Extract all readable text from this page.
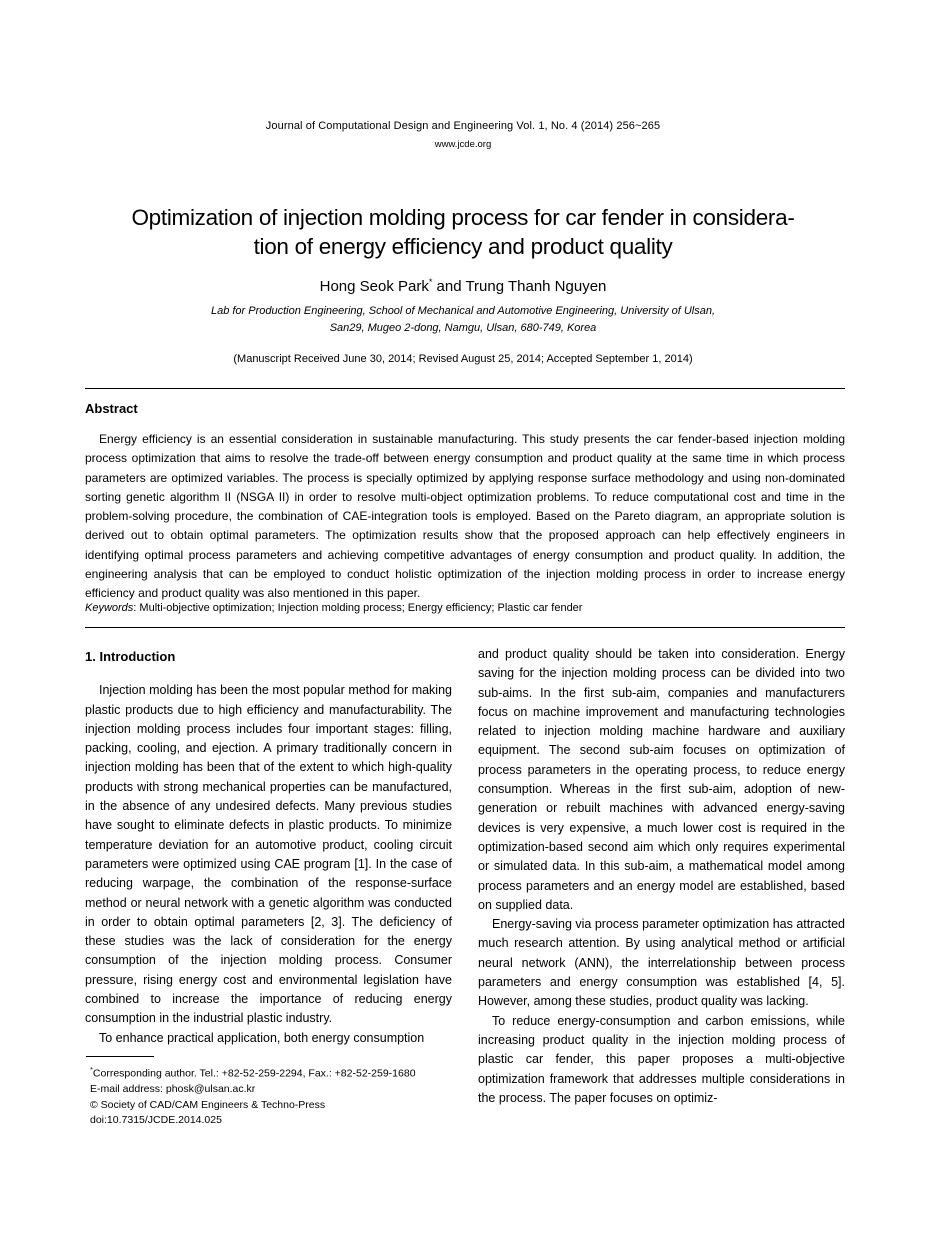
Journal of Computational Design and Engineering Vol. 1, No. 4 (2014) 256~265
www.jcde.org
Optimization of injection molding process for car fender in considera-
tion of energy efficiency and product quality
Hong Seok Park* and Trung Thanh Nguyen
Lab for Production Engineering, School of Mechanical and Automotive Engineering, University of Ulsan,
San29, Mugeo 2-dong, Namgu, Ulsan, 680-749, Korea
(Manuscript Received June 30, 2014; Revised August 25, 2014; Accepted September 1, 2014)
Abstract
Energy efficiency is an essential consideration in sustainable manufacturing. This study presents the car fender-based injection molding process optimization that aims to resolve the trade-off between energy consumption and product quality at the same time in which process parameters are optimized variables. The process is specially optimized by applying response surface methodology and using non-dominated sorting genetic algorithm II (NSGA II) in order to resolve multi-object optimization problems. To reduce computational cost and time in the problem-solving procedure, the combination of CAE-integration tools is employed. Based on the Pareto diagram, an appropriate solution is derived out to obtain optimal parameters. The optimization results show that the proposed approach can help effectively engineers in identifying optimal process parameters and achieving competitive advantages of energy consumption and product quality. In addition, the engineering analysis that can be employed to conduct holistic optimization of the injection molding process in order to increase energy efficiency and product quality was also mentioned in this paper.
Keywords: Multi-objective optimization; Injection molding process; Energy efficiency; Plastic car fender
1. Introduction

Injection molding has been the most popular method for making plastic products due to high efficiency and manufacturability. The injection molding process includes four important stages: filling, packing, cooling, and ejection. A primary traditionally concern in injection molding has been that of the extent to which high-quality products with strong mechanical properties can be manufactured, in the absence of any undesired defects. Many previous studies have sought to eliminate defects in plastic products. To minimize temperature deviation for an automotive product, cooling circuit parameters were optimized using CAE program [1]. In the case of reducing warpage, the combination of the response-surface method or neural network with a genetic algorithm was conducted in order to obtain optimal parameters [2, 3]. The deficiency of these studies was the lack of consideration for the energy consumption of the injection molding process. Consumer pressure, rising energy cost and environmental legislation have combined to increase the importance of reducing energy consumption in the industrial plastic industry.

To enhance practical application, both energy consumption

and product quality should be taken into consideration. Energy saving for the injection molding process can be divided into two sub-aims. In the first sub-aim, companies and manufacturers focus on machine improvement and manufacturing technologies related to injection molding machine hardware and auxiliary equipment. The second sub-aim focuses on optimization of process parameters in the operating process, to reduce energy consumption. Whereas in the first sub-aim, adoption of new-generation or rebuilt machines with advanced energy-saving devices is very expensive, a much lower cost is required in the optimization-based second aim which only requires experimental or simulated data. In this sub-aim, a mathematical model among process parameters and an energy model are established, based on supplied data.

Energy-saving via process parameter optimization has attracted much research attention. By using analytical method or artificial neural network (ANN), the interrelationship between process parameters and energy consumption was established [4, 5]. However, among these studies, product quality was lacking.

To reduce energy-consumption and carbon emissions, while increasing product quality in the injection molding process of plastic car fender, this paper proposes a multi-objective optimization framework that addresses multiple considerations in the process. The paper focuses on optimiz-

*Corresponding author. Tel.: +82-52-259-2294, Fax.: +82-52-259-1680

E-mail address: phosk@ulsan.ac.kr

© Society of CAD/CAM Engineers & Techno-Press

doi:10.7315/JCDE.2014.025
